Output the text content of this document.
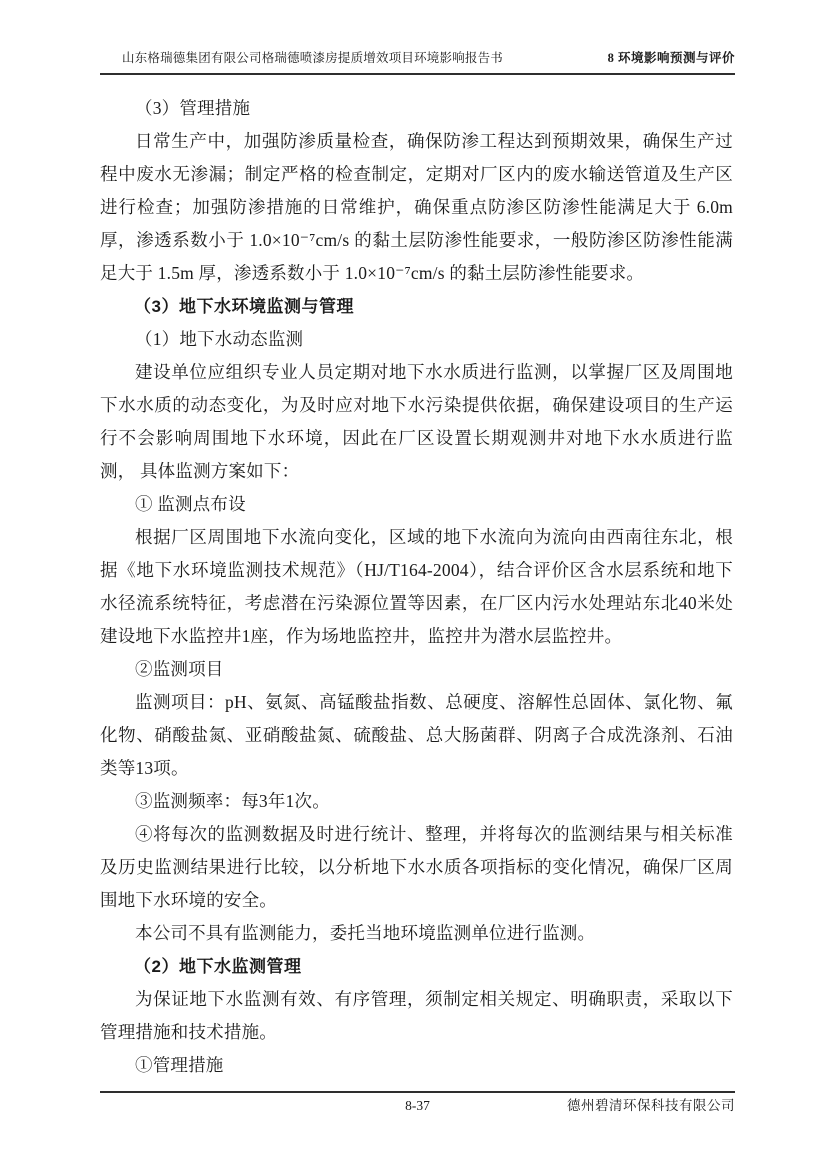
山东格瑞德集团有限公司格瑞德喷漆房提质增效项目环境影响报告书	8 环境影响预测与评价

（3）管理措施

日常生产中，加强防渗质量检查，确保防渗工程达到预期效果，确保生产过程中废水无渗漏；制定严格的检查制定，定期对厂区内的废水输送管道及生产区进行检查；加强防渗措施的日常维护，确保重点防渗区防渗性能满足大于 6.0m 厚，渗透系数小于 1.0×10⁻⁷cm/s 的黏土层防渗性能要求，一般防渗区防渗性能满足大于 1.5m 厚，渗透系数小于 1.0×10⁻⁷cm/s 的黏土层防渗性能要求。

（3）地下水环境监测与管理

（1）地下水动态监测

建设单位应组织专业人员定期对地下水水质进行监测，以掌握厂区及周围地下水水质的动态变化，为及时应对地下水污染提供依据，确保建设项目的生产运行不会影响周围地下水环境，因此在厂区设置长期观测井对地下水水质进行监测， 具体监测方案如下：

① 监测点布设

根据厂区周围地下水流向变化，区域的地下水流向为流向由西南往东北，根据《地下水环境监测技术规范》（HJ/T164-2004），结合评价区含水层系统和地下水径流系统特征，考虑潜在污染源位置等因素，在厂区内污水处理站东北40米处建设地下水监控井1座，作为场地监控井，监控井为潜水层监控井。

②监测项目

监测项目：pH、氨氮、高锰酸盐指数、总硬度、溶解性总固体、氯化物、氟化物、硝酸盐氮、亚硝酸盐氮、硫酸盐、总大肠菌群、阴离子合成洗涤剂、石油类等13项。

③监测频率：每3年1次。

④将每次的监测数据及时进行统计、整理，并将每次的监测结果与相关标准及历史监测结果进行比较，以分析地下水水质各项指标的变化情况，确保厂区周围地下水环境的安全。

本公司不具有监测能力，委托当地环境监测单位进行监测。

（2）地下水监测管理

为保证地下水监测有效、有序管理，须制定相关规定、明确职责，采取以下管理措施和技术措施。

①管理措施

8-37	德州碧清环保科技有限公司
